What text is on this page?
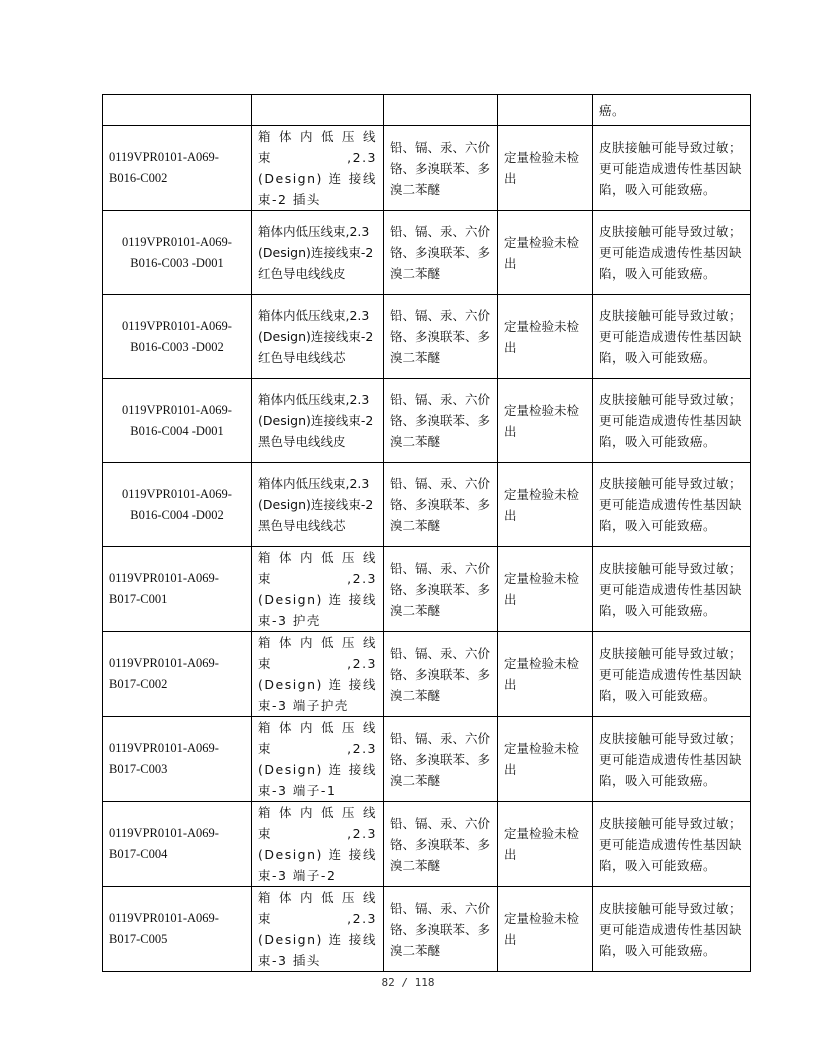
				癌。
0119VPR0101-A069-B016-C002	箱 体 内 低 压 线 束 ,2.3 (Design) 连 接线束-2 插头	铅、镉、汞、六价铬、多溴联苯、多溴二苯醚	定量检验未检出	皮肤接触可能导致过敏；更可能造成遗传性基因缺陷，吸入可能致癌。
0119VPR0101-A069-B016-C003 -D001	箱体内低压线束,2.3 (Design)连接线束-2 红色导电线线皮	铅、镉、汞、六价铬、多溴联苯、多溴二苯醚	定量检验未检出	皮肤接触可能导致过敏；更可能造成遗传性基因缺陷，吸入可能致癌。
0119VPR0101-A069-B016-C003 -D002	箱体内低压线束,2.3 (Design)连接线束-2 红色导电线线芯	铅、镉、汞、六价铬、多溴联苯、多溴二苯醚	定量检验未检出	皮肤接触可能导致过敏；更可能造成遗传性基因缺陷，吸入可能致癌。
0119VPR0101-A069-B016-C004 -D001	箱体内低压线束,2.3 (Design)连接线束-2 黑色导电线线皮	铅、镉、汞、六价铬、多溴联苯、多溴二苯醚	定量检验未检出	皮肤接触可能导致过敏；更可能造成遗传性基因缺陷，吸入可能致癌。
0119VPR0101-A069-B016-C004 -D002	箱体内低压线束,2.3 (Design)连接线束-2 黑色导电线线芯	铅、镉、汞、六价铬、多溴联苯、多溴二苯醚	定量检验未检出	皮肤接触可能导致过敏；更可能造成遗传性基因缺陷，吸入可能致癌。
0119VPR0101-A069-B017-C001	箱 体 内 低 压 线 束 ,2.3 (Design) 连 接线束-3 护壳	铅、镉、汞、六价铬、多溴联苯、多溴二苯醚	定量检验未检出	皮肤接触可能导致过敏；更可能造成遗传性基因缺陷，吸入可能致癌。
0119VPR0101-A069-B017-C002	箱 体 内 低 压 线 束 ,2.3 (Design) 连 接线束-3 端子护壳	铅、镉、汞、六价铬、多溴联苯、多溴二苯醚	定量检验未检出	皮肤接触可能导致过敏；更可能造成遗传性基因缺陷，吸入可能致癌。
0119VPR0101-A069-B017-C003	箱 体 内 低 压 线 束 ,2.3 (Design) 连 接线束-3 端子-1	铅、镉、汞、六价铬、多溴联苯、多溴二苯醚	定量检验未检出	皮肤接触可能导致过敏；更可能造成遗传性基因缺陷，吸入可能致癌。
0119VPR0101-A069-B017-C004	箱 体 内 低 压 线 束 ,2.3 (Design) 连 接线束-3 端子-2	铅、镉、汞、六价铬、多溴联苯、多溴二苯醚	定量检验未检出	皮肤接触可能导致过敏；更可能造成遗传性基因缺陷，吸入可能致癌。
0119VPR0101-A069-B017-C005	箱 体 内 低 压 线 束 ,2.3 (Design) 连 接线束-3 插头	铅、镉、汞、六价铬、多溴联苯、多溴二苯醚	定量检验未检出	皮肤接触可能导致过敏；更可能造成遗传性基因缺陷，吸入可能致癌。
82 / 118
